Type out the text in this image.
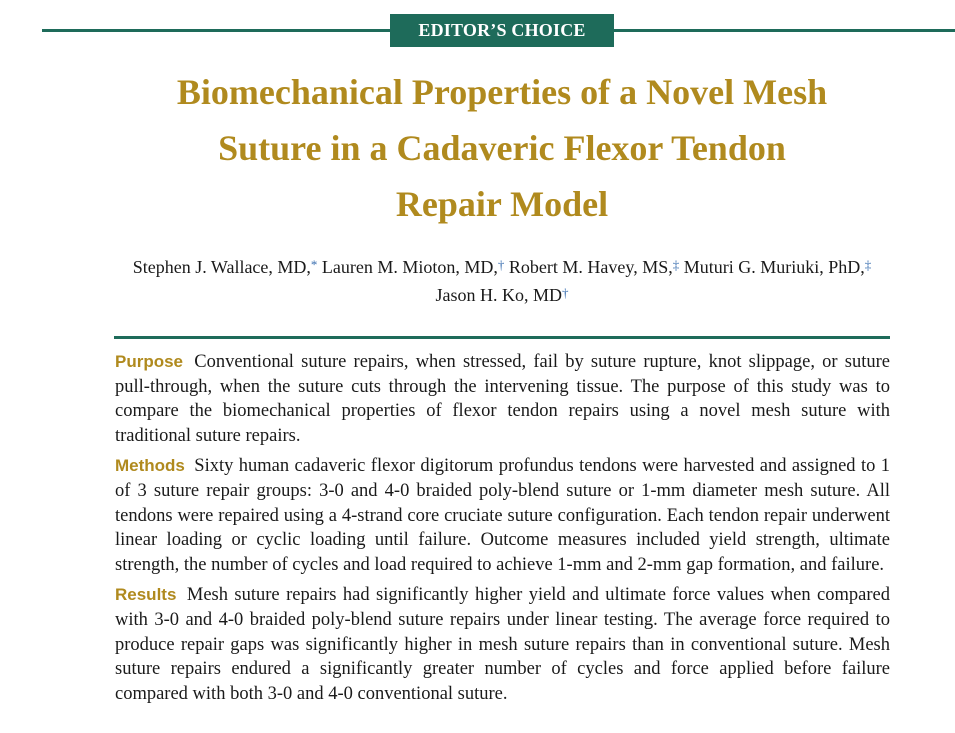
EDITOR’S CHOICE
Biomechanical Properties of a Novel Mesh
Suture in a Cadaveric Flexor Tendon
Repair Model
Stephen J. Wallace, MD,* Lauren M. Mioton, MD,† Robert M. Havey, MS,‡ Muturi G. Muriuki, PhD,‡
Jason H. Ko, MD†

Purpose Conventional suture repairs, when stressed, fail by suture rupture, knot slippage, or suture pull-through, when the suture cuts through the intervening tissue. The purpose of this study was to compare the biomechanical properties of flexor tendon repairs using a novel mesh suture with traditional suture repairs.

Methods Sixty human cadaveric flexor digitorum profundus tendons were harvested and assigned to 1 of 3 suture repair groups: 3-0 and 4-0 braided poly-blend suture or 1-mm diameter mesh suture. All tendons were repaired using a 4-strand core cruciate suture configuration. Each tendon repair underwent linear loading or cyclic loading until failure. Outcome measures included yield strength, ultimate strength, the number of cycles and load required to achieve 1-mm and 2-mm gap formation, and failure.

Results Mesh suture repairs had significantly higher yield and ultimate force values when compared with 3-0 and 4-0 braided poly-blend suture repairs under linear testing. The average force required to produce repair gaps was significantly higher in mesh suture repairs than in conventional suture. Mesh suture repairs endured a significantly greater number of cycles and force applied before failure compared with both 3-0 and 4-0 conventional suture.
